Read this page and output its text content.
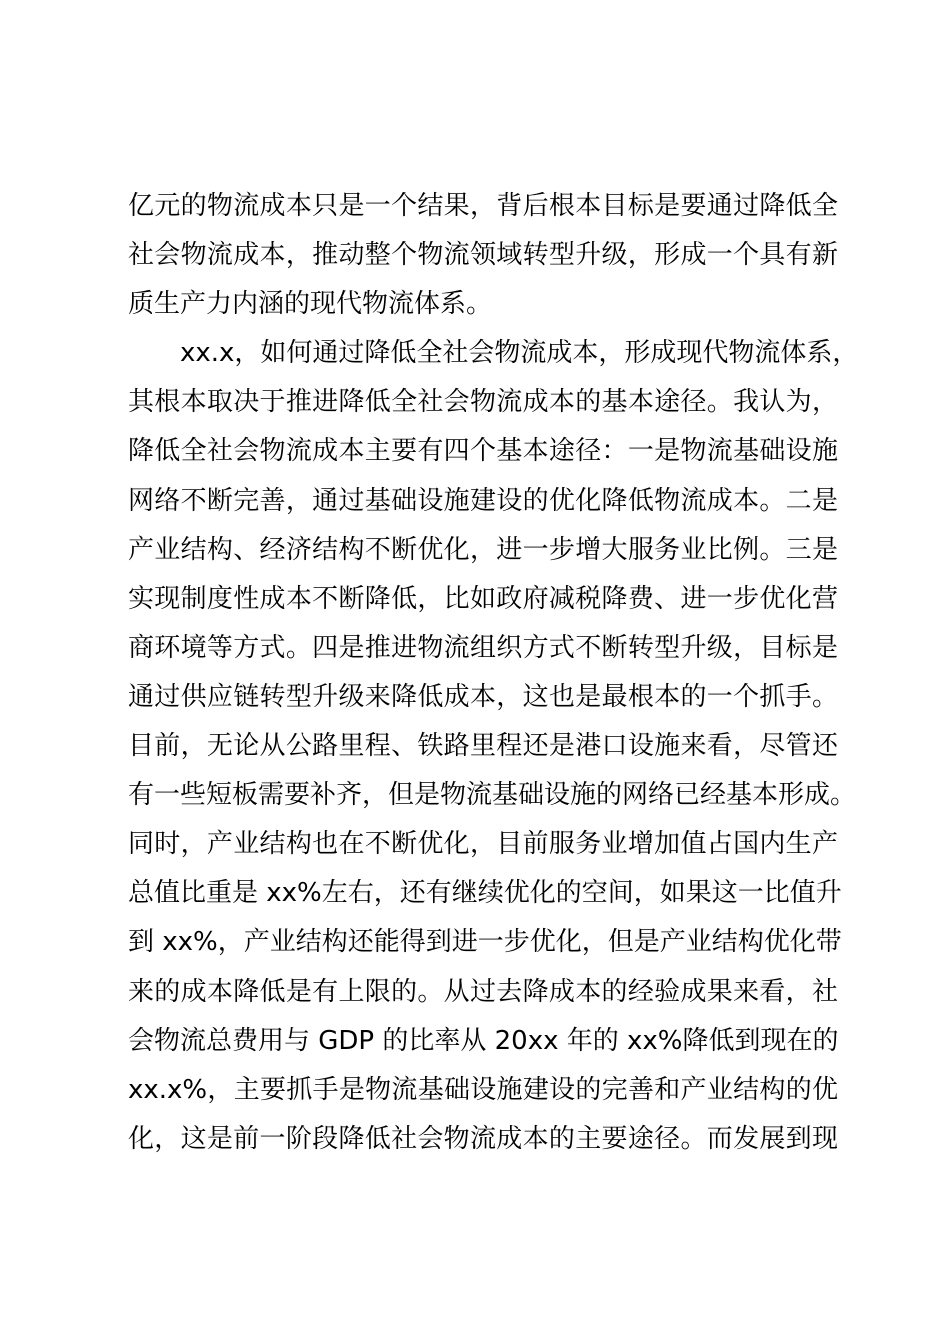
亿元的物流成本只是一个结果，背后根本目标是要通过降低全
社会物流成本，推动整个物流领域转型升级，形成一个具有新
质生产力内涵的现代物流体系。
xx.x，如何通过降低全社会物流成本，形成现代物流体系，
其根本取决于推进降低全社会物流成本的基本途径。我认为，
降低全社会物流成本主要有四个基本途径：一是物流基础设施
网络不断完善，通过基础设施建设的优化降低物流成本。二是
产业结构、经济结构不断优化，进一步增大服务业比例。三是
实现制度性成本不断降低，比如政府减税降费、进一步优化营
商环境等方式。四是推进物流组织方式不断转型升级，目标是
通过供应链转型升级来降低成本，这也是最根本的一个抓手。
目前，无论从公路里程、铁路里程还是港口设施来看，尽管还
有一些短板需要补齐，但是物流基础设施的网络已经基本形成。
同时，产业结构也在不断优化，目前服务业增加值占国内生产
总值比重是 xx%左右，还有继续优化的空间，如果这一比值升
到 xx%，产业结构还能得到进一步优化，但是产业结构优化带
来的成本降低是有上限的。从过去降成本的经验成果来看，社
会物流总费用与 GDP 的比率从 20xx 年的 xx%降低到现在的
xx.x%，主要抓手是物流基础设施建设的完善和产业结构的优
化，这是前一阶段降低社会物流成本的主要途径。而发展到现
